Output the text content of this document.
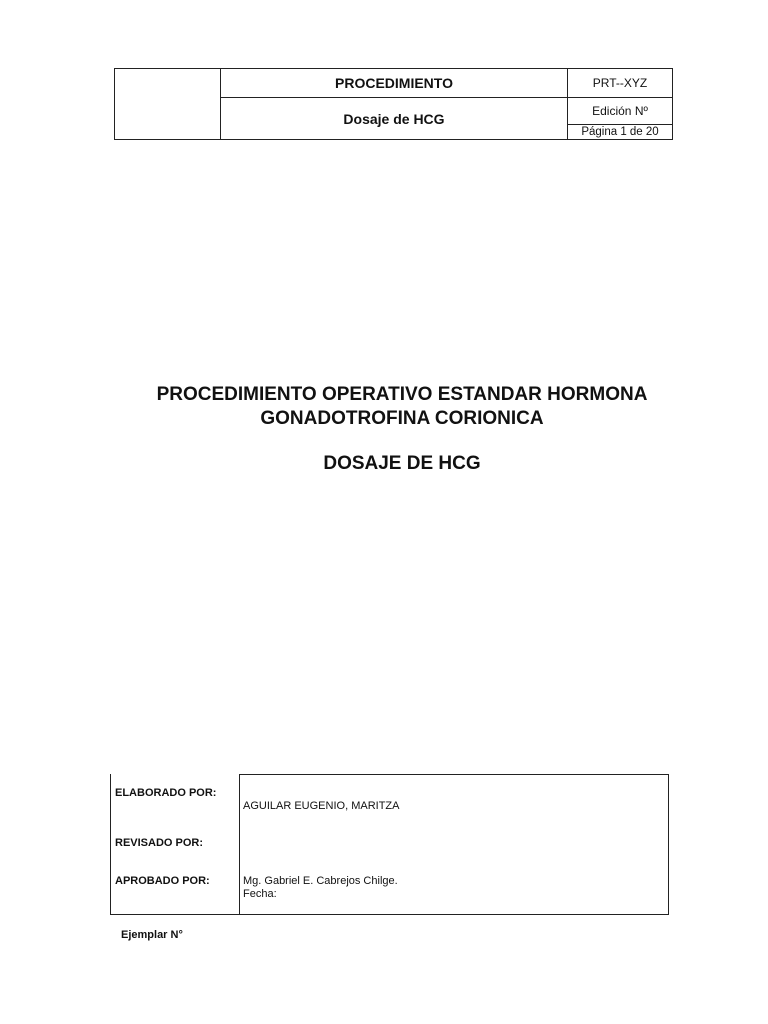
PROCEDIMIENTO
Dosaje de HCG
PRT--XYZ
Edición Nº
Página 1 de 20
PROCEDIMIENTO OPERATIVO ESTANDAR HORMONA
GONADOTROFINA CORIONICA
DOSAJE DE HCG
ELABORADO POR:
AGUILAR EUGENIO, MARITZA
REVISADO POR:
APROBADO POR:	Mg. Gabriel E. Cabrejos Chilge.
Fecha:
Ejemplar N°
